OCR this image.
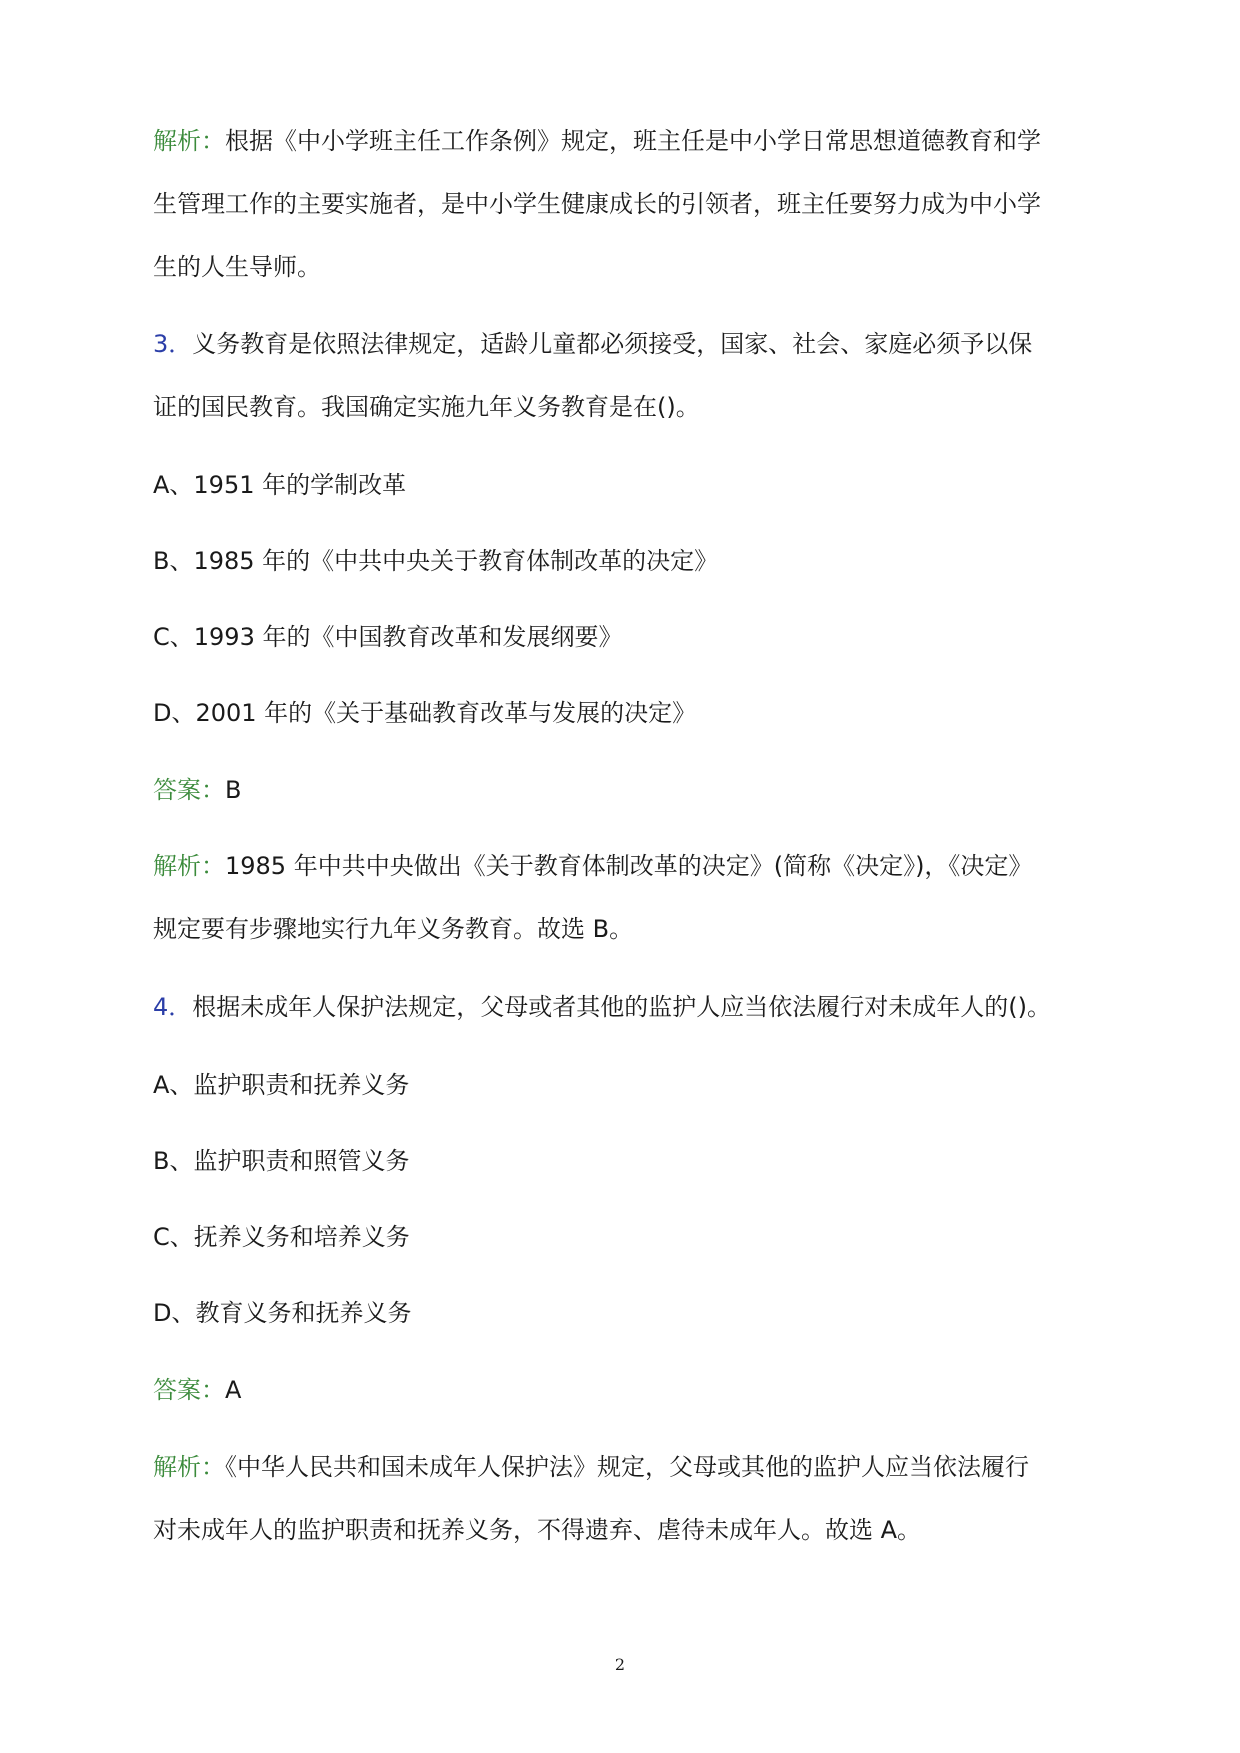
解析：根据《中小学班主任工作条例》规定，班主任是中小学日常思想道德教育和学
生管理工作的主要实施者，是中小学生健康成长的引领者，班主任要努力成为中小学
生的人生导师。
3．义务教育是依照法律规定，适龄儿童都必须接受，国家、社会、家庭必须予以保
证的国民教育。我国确定实施九年义务教育是在()。
A、1951 年的学制改革
B、1985 年的《中共中央关于教育体制改革的决定》
C、1993 年的《中国教育改革和发展纲要》
D、2001 年的《关于基础教育改革与发展的决定》
答案：B
解析：1985 年中共中央做出《关于教育体制改革的决定》(简称《决定》)，《决定》
规定要有步骤地实行九年义务教育。故选 B。
4．根据未成年人保护法规定，父母或者其他的监护人应当依法履行对未成年人的()。
A、监护职责和抚养义务
B、监护职责和照管义务
C、抚养义务和培养义务
D、教育义务和抚养义务
答案：A
解析：《中华人民共和国未成年人保护法》规定，父母或其他的监护人应当依法履行
对未成年人的监护职责和抚养义务，不得遗弃、虐待未成年人。故选 A。
2
